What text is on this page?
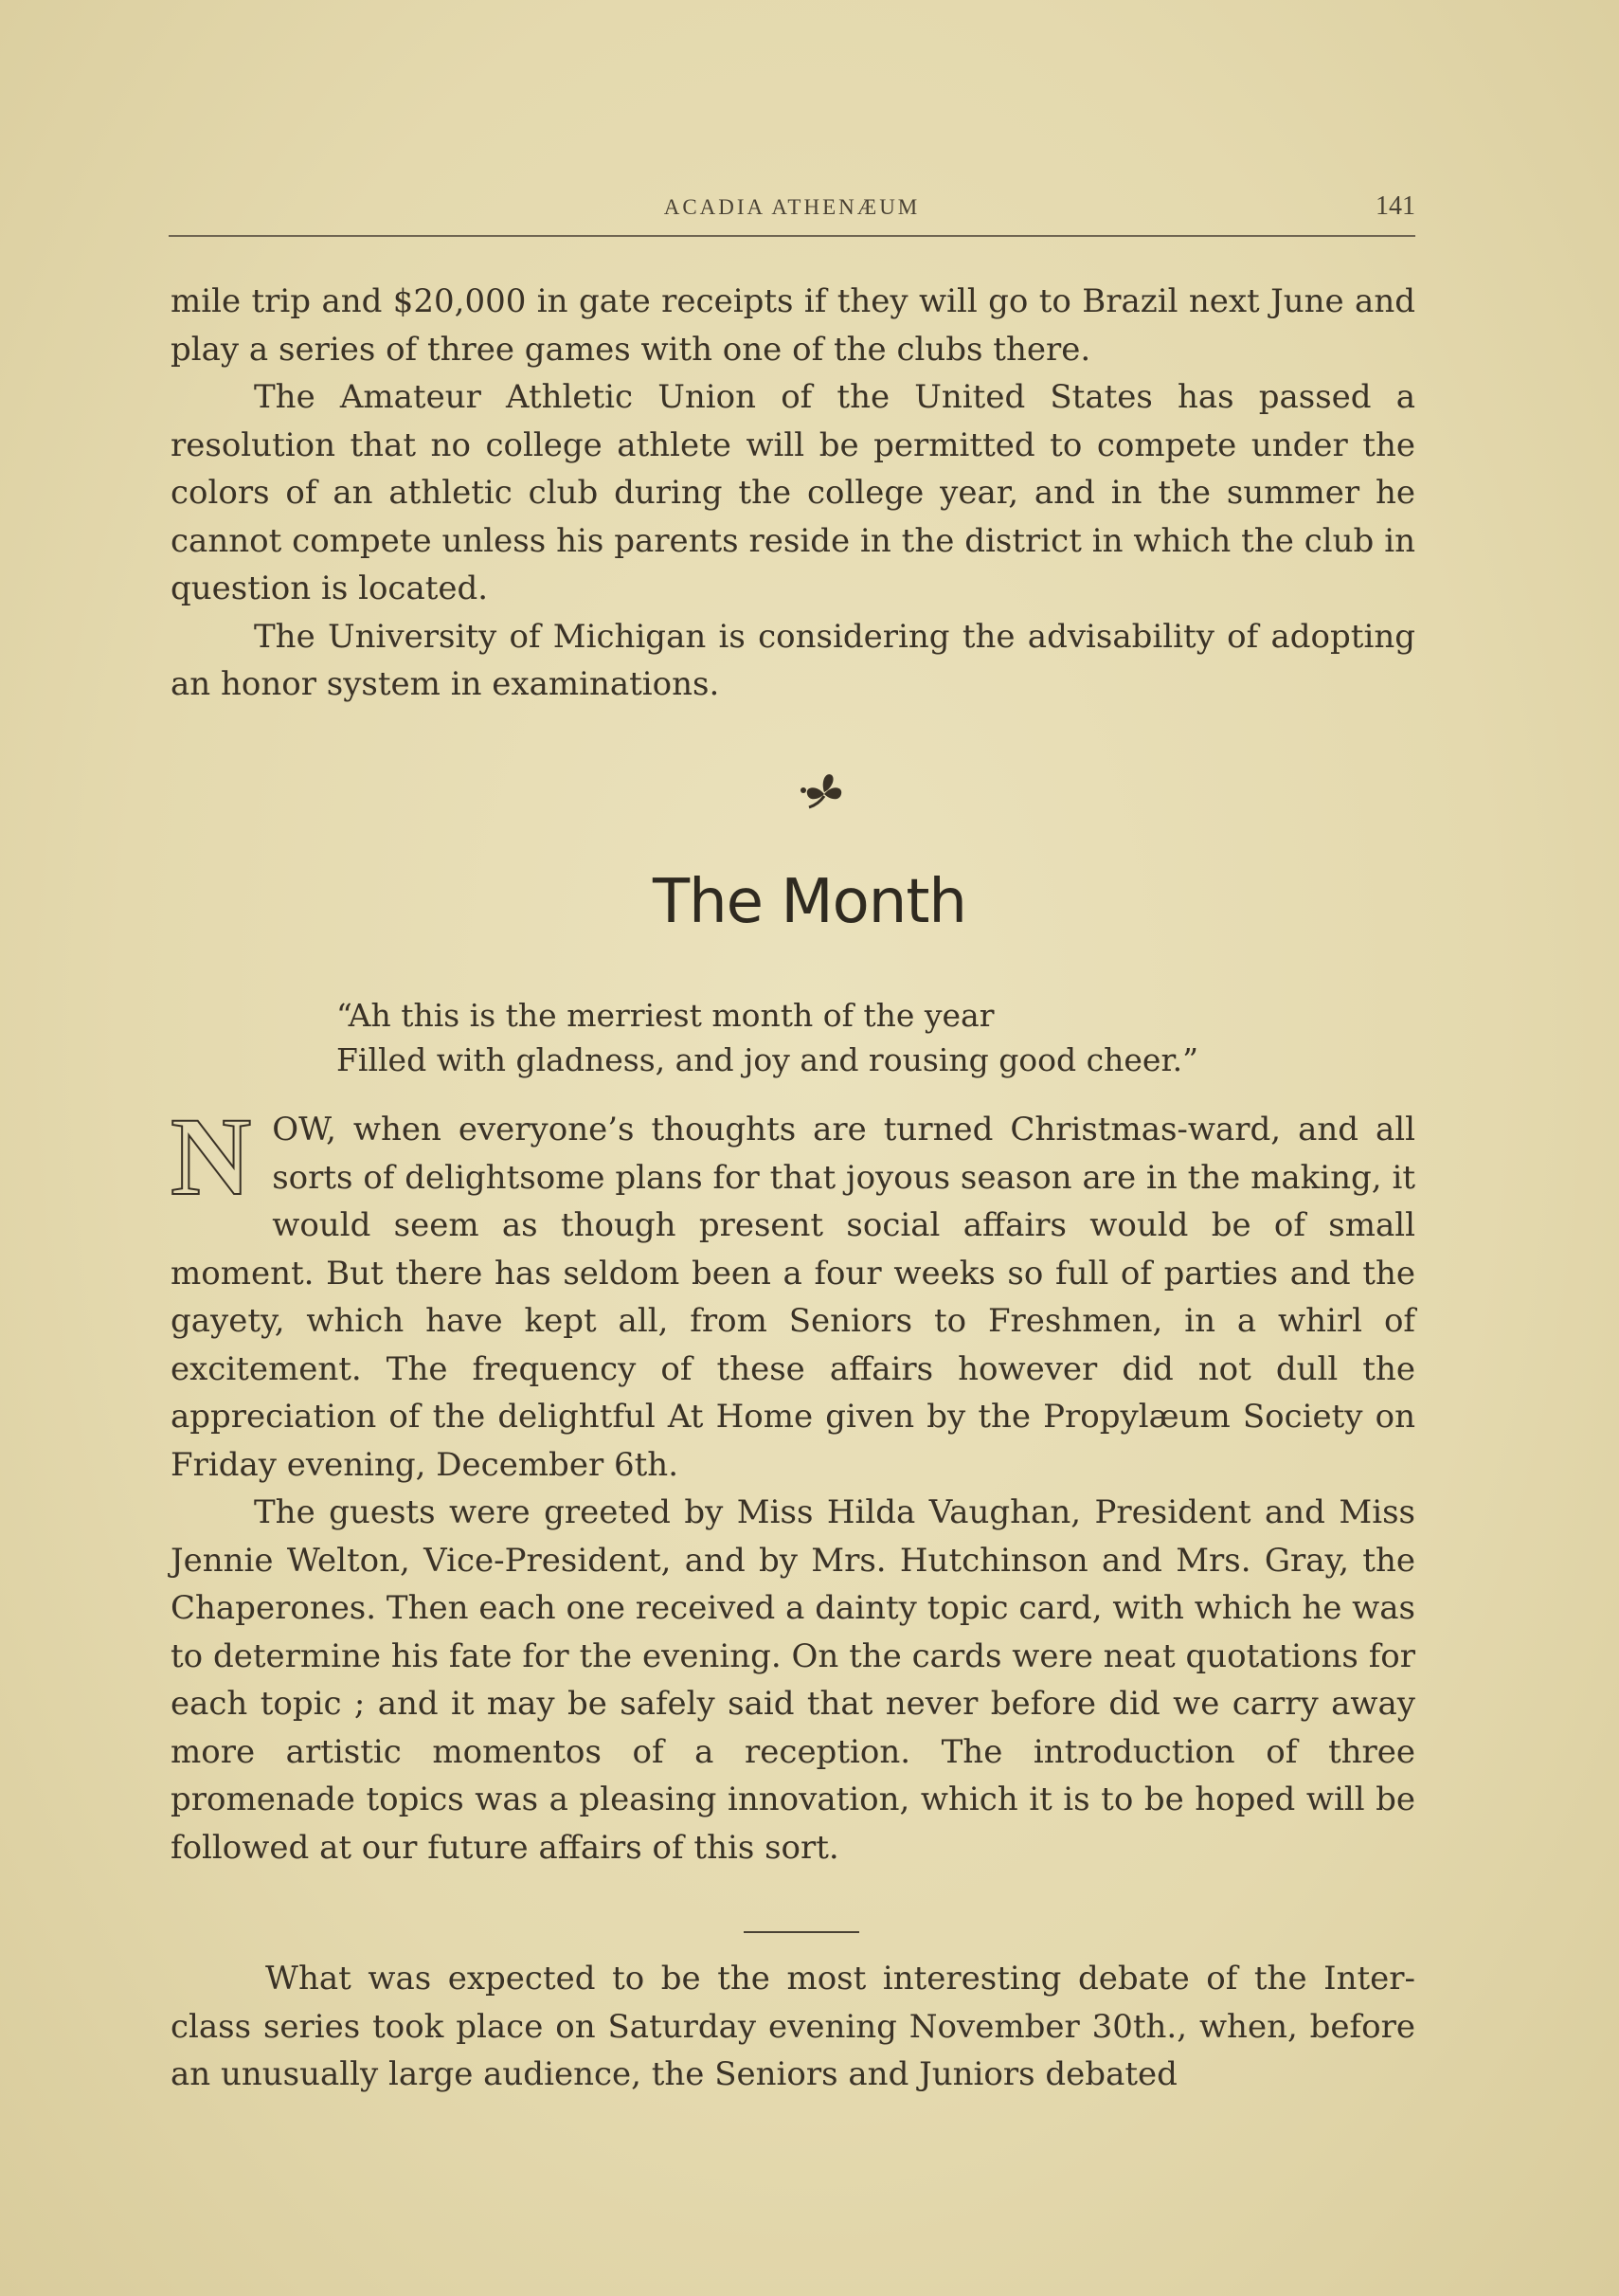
ACADIA ATHENÆUM	141

mile trip and $20,000 in gate receipts if they will go to Brazil next June and play a series of three games with one of the clubs there.

The Amateur Athletic Union of the United States has passed a resolution that no college athlete will be permitted to compete under the colors of an athletic club during the college year, and in the summer he cannot compete unless his parents reside in the district in which the club in question is located.

The University of Michigan is considering the advisability of adopting an honor system in examinations.

The Month
“Ah this is the merriest month of the year
Filled with gladness, and joy and rousing good cheer.”
N OW, when everyone’s thoughts are turned Christmas-ward, and all sorts of delightsome plans for that joyous season are in the making, it would seem as though present social affairs would be of small moment. But there has seldom been a four weeks so full of parties and the gayety, which have kept all, from Seniors to Freshmen, in a whirl of excitement. The frequency of these affairs however did not dull the appreciation of the delightful At Home given by the Propylæum Society on Friday evening, December 6th.

The guests were greeted by Miss Hilda Vaughan, President and Miss Jennie Welton, Vice-President, and by Mrs. Hutchinson and Mrs. Gray, the Chaperones. Then each one received a dainty topic card, with which he was to determine his fate for the evening. On the cards were neat quotations for each topic ; and it may be safely said that never before did we carry away more artistic momentos of a reception. The introduction of three promenade topics was a pleasing innovation, which it is to be hoped will be followed at our future affairs of this sort.

What was expected to be the most interesting debate of the Inter-class series took place on Saturday evening November 30th., when, before an unusually large audience, the Seniors and Juniors debated
